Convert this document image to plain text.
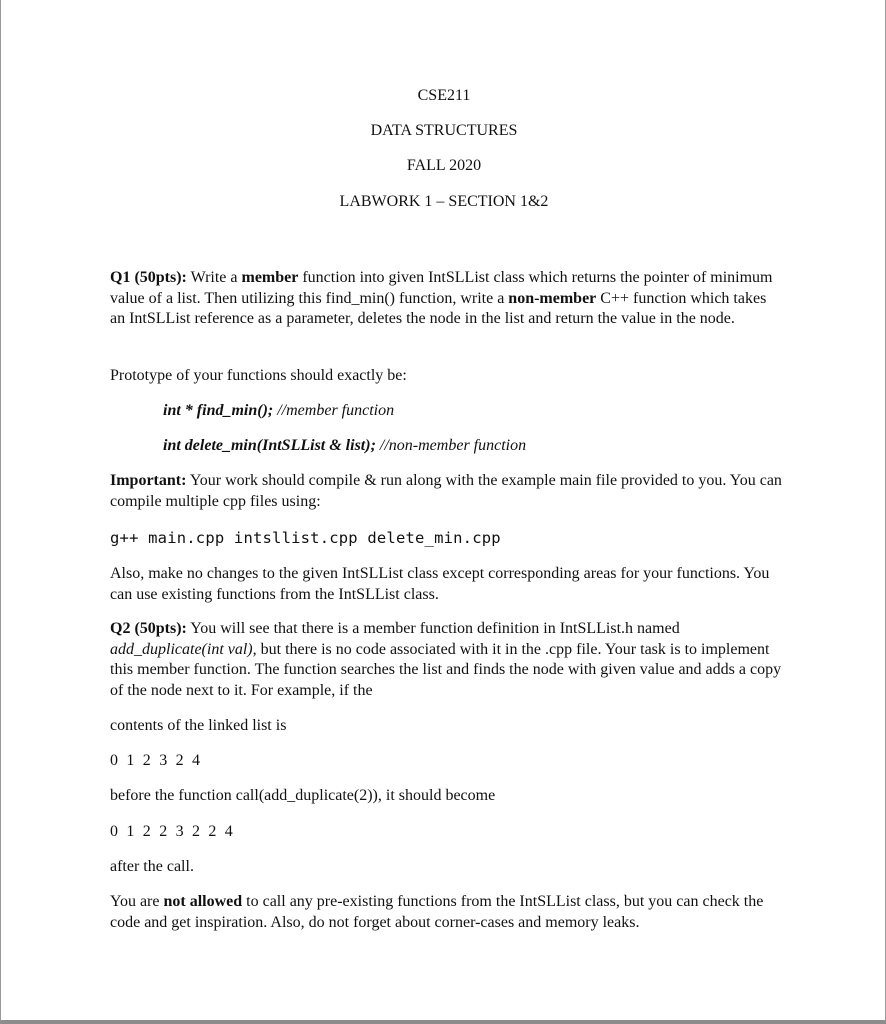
CSE211
DATA STRUCTURES
FALL 2020
LABWORK 1 – SECTION 1&2
Q1 (50pts): Write a member function into given IntSLList class which returns the pointer of minimum value of a list. Then utilizing this find_min() function, write a non-member C++ function which takes an IntSLList reference as a parameter, deletes the node in the list and return the value in the node.
Prototype of your functions should exactly be:
int * find_min(); //member function
int delete_min(IntSLList & list); //non-member function
Important: Your work should compile & run along with the example main file provided to you. You can compile multiple cpp files using:
g++ main.cpp intsllist.cpp delete_min.cpp
Also, make no changes to the given IntSLList class except corresponding areas for your functions. You can use existing functions from the IntSLList class.
Q2 (50pts): You will see that there is a member function definition in IntSLList.h named add_duplicate(int val), but there is no code associated with it in the .cpp file. Your task is to implement this member function. The function searches the list and finds the node with given value and adds a copy of the node next to it. For example, if the
contents of the linked list is
0 1 2 3 2 4
before the function call(add_duplicate(2)), it should become
0 1 2 2 3 2 2 4
after the call.
You are not allowed to call any pre-existing functions from the IntSLList class, but you can check the code and get inspiration. Also, do not forget about corner-cases and memory leaks.
